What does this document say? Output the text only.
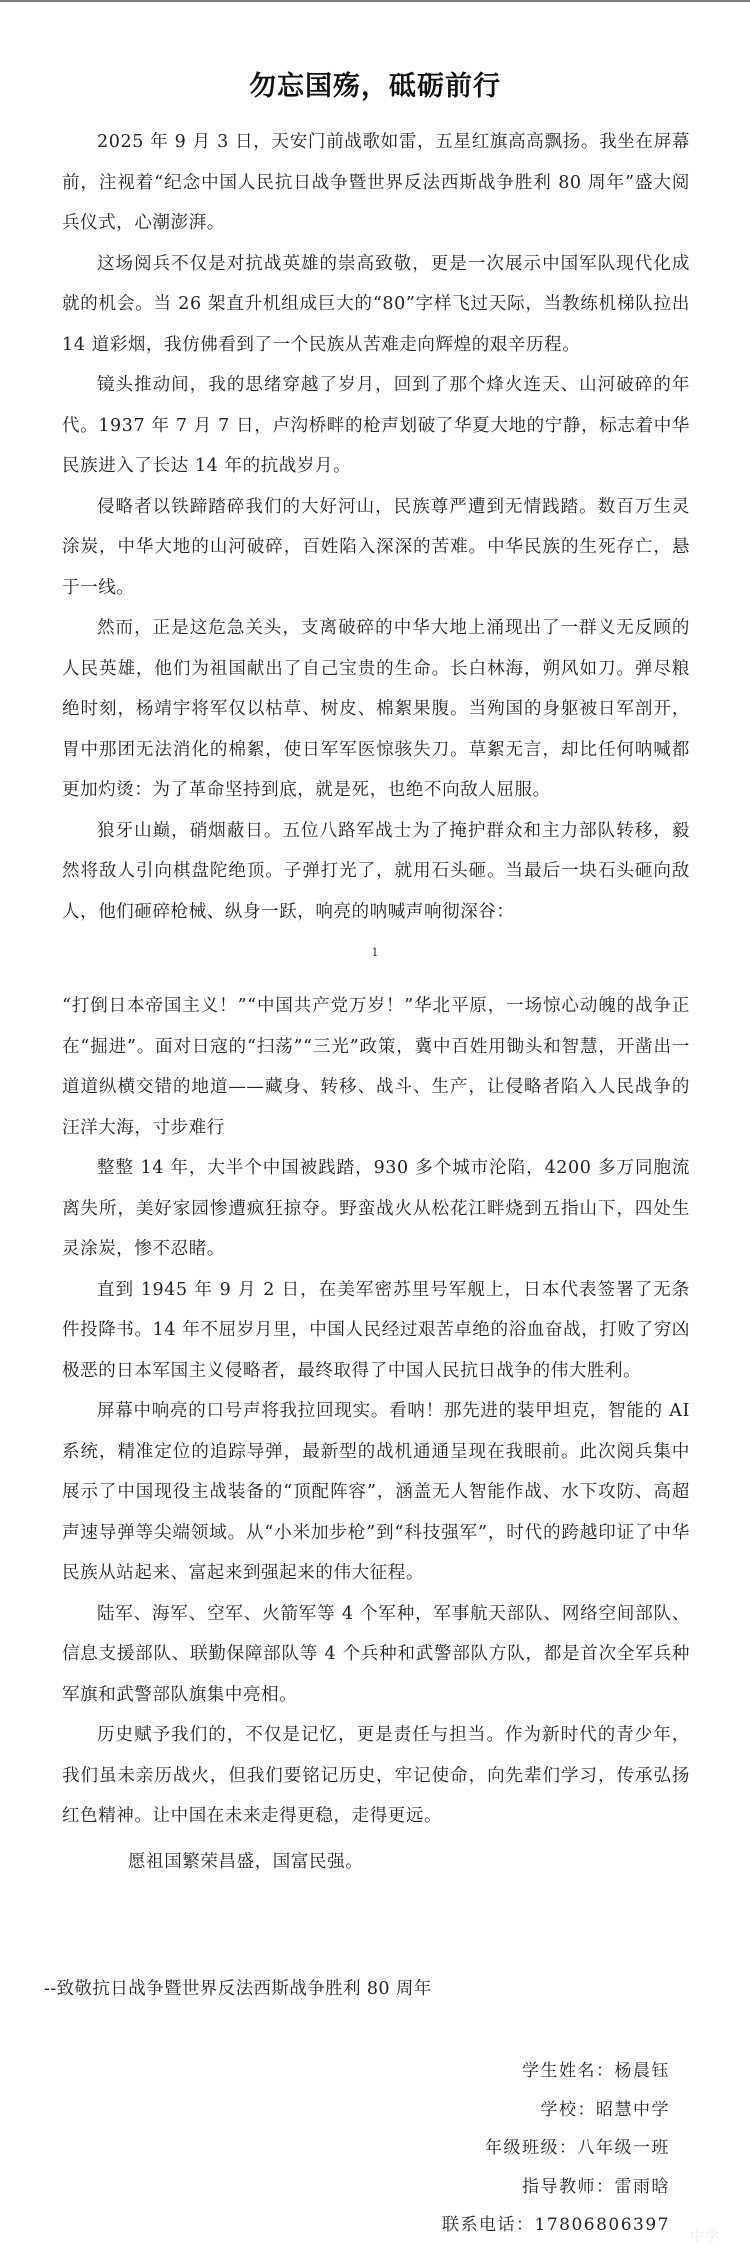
勿忘国殇，砥砺前行

2025 年 9 月 3 日，天安门前战歌如雷，五星红旗高高飘扬。我坐在屏幕前，注视着“纪念中国人民抗日战争暨世界反法西斯战争胜利 80 周年”盛大阅兵仪式，心潮澎湃。

这场阅兵不仅是对抗战英雄的崇高致敬，更是一次展示中国军队现代化成就的机会。当 26 架直升机组成巨大的“80”字样飞过天际，当教练机梯队拉出 14 道彩烟，我仿佛看到了一个民族从苦难走向辉煌的艰辛历程。

镜头推动间，我的思绪穿越了岁月，回到了那个烽火连天、山河破碎的年代。1937 年 7 月 7 日，卢沟桥畔的枪声划破了华夏大地的宁静，标志着中华民族进入了长达 14 年的抗战岁月。

侵略者以铁蹄踏碎我们的大好河山，民族尊严遭到无情践踏。数百万生灵涂炭，中华大地的山河破碎，百姓陷入深深的苦难。中华民族的生死存亡，悬于一线。

然而，正是这危急关头，支离破碎的中华大地上涌现出了一群义无反顾的人民英雄，他们为祖国献出了自己宝贵的生命。长白林海，朔风如刀。弹尽粮绝时刻，杨靖宇将军仅以枯草、树皮、棉絮果腹。当殉国的身躯被日军剖开，胃中那团无法消化的棉絮，使日军军医惊骇失刀。草絮无言，却比任何呐喊都更加灼烫：为了革命坚持到底，就是死，也绝不向敌人屈服。

狼牙山巅，硝烟蔽日。五位八路军战士为了掩护群众和主力部队转移，毅然将敌人引向棋盘陀绝顶。子弹打光了，就用石头砸。当最后一块石头砸向敌人，他们砸碎枪械、纵身一跃，响亮的呐喊声响彻深谷：

1

“打倒日本帝国主义！”“中国共产党万岁！”华北平原，一场惊心动魄的战争正在“掘进”。面对日寇的“扫荡”“三光”政策，冀中百姓用锄头和智慧，开凿出一道道纵横交错的地道——藏身、转移、战斗、生产，让侵略者陷入人民战争的汪洋大海，寸步难行

整整 14 年，大半个中国被践踏，930 多个城市沦陷，4200 多万同胞流离失所，美好家园惨遭疯狂掠夺。野蛮战火从松花江畔烧到五指山下，四处生灵涂炭，惨不忍睹。

直到 1945 年 9 月 2 日，在美军密苏里号军舰上，日本代表签署了无条件投降书。14 年不屈岁月里，中国人民经过艰苦卓绝的浴血奋战，打败了穷凶极恶的日本军国主义侵略者，最终取得了中国人民抗日战争的伟大胜利。

屏幕中响亮的口号声将我拉回现实。看呐！那先进的装甲坦克，智能的 AI 系统，精准定位的追踪导弹，最新型的战机通通呈现在我眼前。此次阅兵集中展示了中国现役主战装备的“顶配阵容”，涵盖无人智能作战、水下攻防、高超声速导弹等尖端领域。从“小米加步枪”到“科技强军”，时代的跨越印证了中华民族从站起来、富起来到强起来的伟大征程。

陆军、海军、空军、火箭军等 4 个军种，军事航天部队、网络空间部队、信息支援部队、联勤保障部队等 4 个兵种和武警部队方队，都是首次全军兵种军旗和武警部队旗集中亮相。

历史赋予我们的，不仅是记忆，更是责任与担当。作为新时代的青少年，我们虽未亲历战火，但我们要铭记历史，牢记使命，向先辈们学习，传承弘扬红色精神。让中国在未来走得更稳，走得更远。

愿祖国繁荣昌盛，国富民强。
--致敬抗日战争暨世界反法西斯战争胜利 80 周年
学生姓名：杨晨钰
学校：昭慧中学
年级班级：八年级一班
指导教师：雷雨晗
联系电话：17806806397
中学
